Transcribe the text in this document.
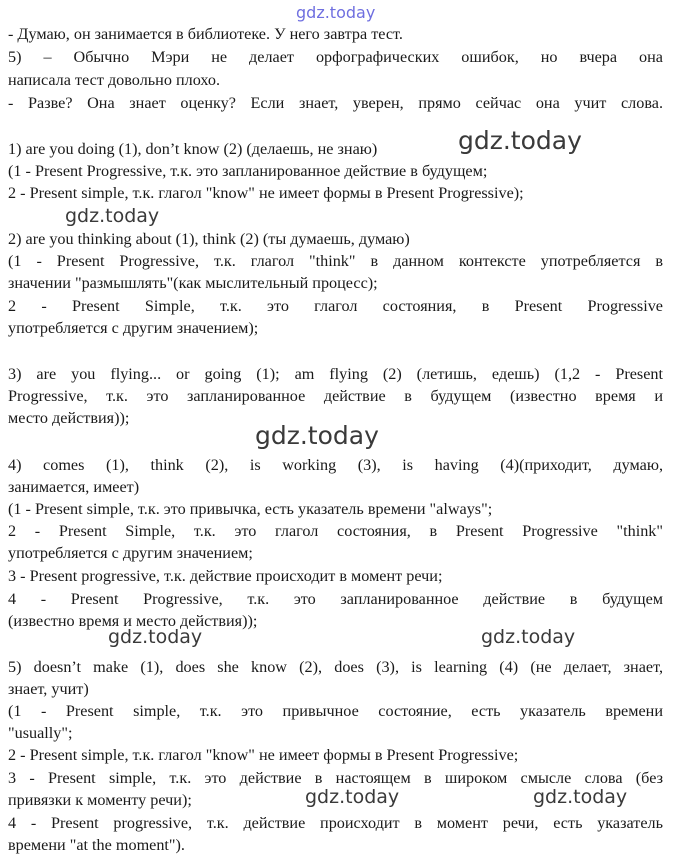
gdz.today
- Думаю, он занимается в библиотеке. У него завтра тест.
5) – Обычно Мэри не делает орфографических ошибок, но вчера она
написала тест довольно плохо.
- Разве? Она знает оценку? Если знает, уверен, прямо сейчас она учит слова.
1) are you doing (1), don’t know (2) (делаешь, не знаю)	gdz.today
(1 - Present Progressive, т.к. это запланированное действие в будущем;
2 - Present simple, т.к. глагол "know" не имеет формы в Present Progressive);
gdz.today
2) are you thinking about (1), think (2) (ты думаешь, думаю)
(1 - Present Progressive, т.к. глагол "think" в данном контексте употребляется в
значении "размышлять"(как мыслительный процесс);
2 - Present Simple, т.к. это глагол состояния, в Present Progressive
употребляется с другим значением);
3) are you flying... or going (1); am flying (2) (летишь, едешь) (1,2 - Present
Progressive, т.к. это запланированное действие в будущем (известно время и
место действия));
gdz.today
4) comes (1), think (2), is working (3), is having (4)(приходит, думаю,
занимается, имеет)
(1 - Present simple, т.к. это привычка, есть указатель времени "always";
2 - Present Simple, т.к. это глагол состояния, в Present Progressive "think"
употребляется с другим значением;
3 - Present progressive, т.к. действие происходит в момент речи;
4 - Present Progressive, т.к. это запланированное действие в будущем
(известно время и место действия));
gdz.today	gdz.today
5) doesn’t make (1), does she know (2), does (3), is learning (4) (не делает, знает,
знает, учит)
(1 - Present simple, т.к. это привычное состояние, есть указатель времени
"usually";
2 - Present simple, т.к. глагол "know" не имеет формы в Present Progressive;
3 - Present simple, т.к. это действие в настоящем в широком смысле слова (без
привязки к моменту речи);	gdz.today	gdz.today
4 - Present progressive, т.к. действие происходит в момент речи, есть указатель
времени "at the moment").
